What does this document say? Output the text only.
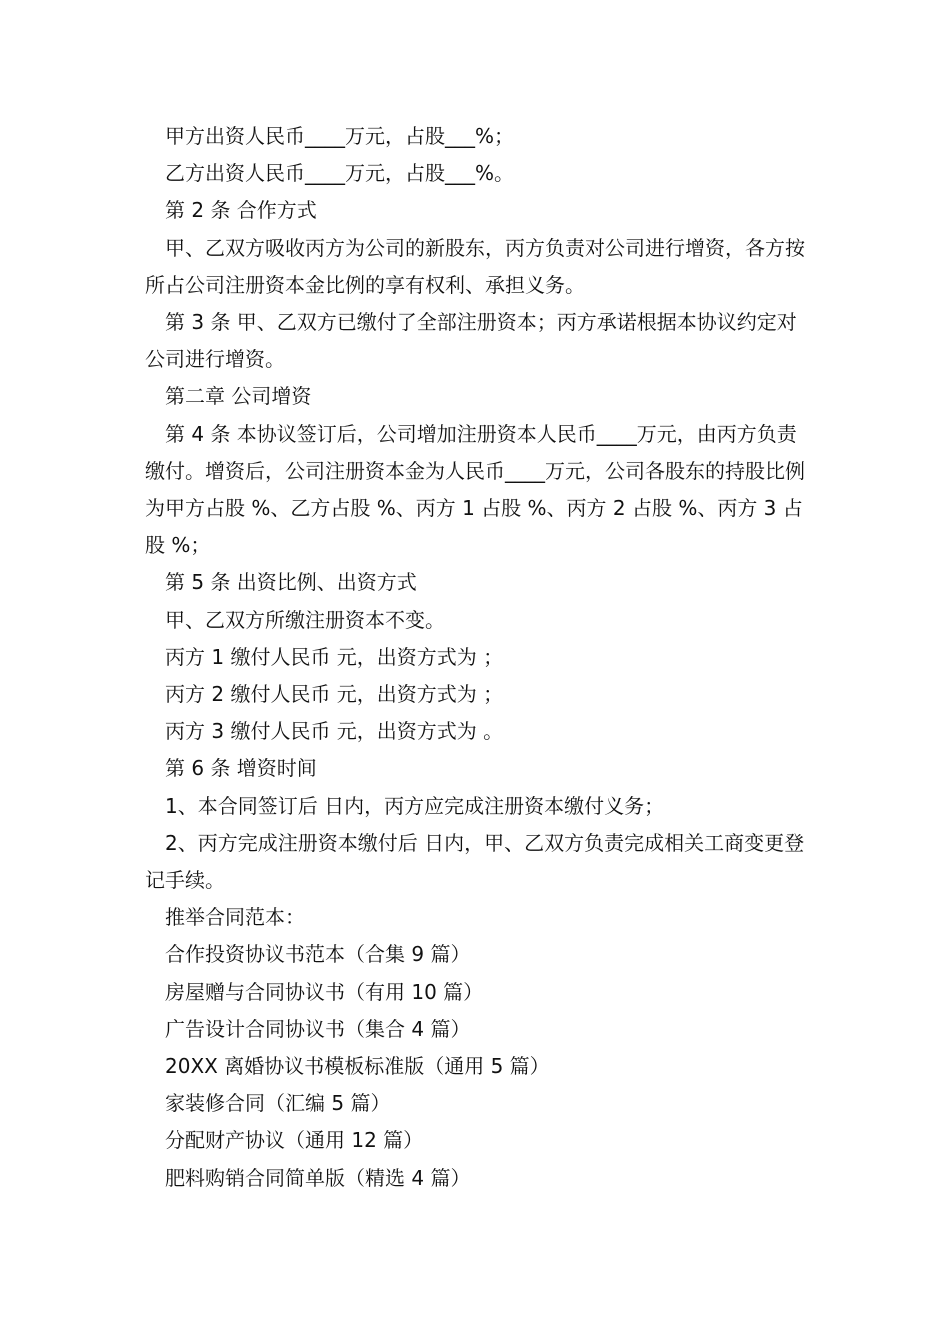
甲方出资人民币____万元，占股___%；

乙方出资人民币____万元，占股___%。

第 2 条 合作方式

甲、乙双方吸收丙方为公司的新股东，丙方负责对公司进行增资，各方按所占公司注册资本金比例的享有权利、承担义务。

第 3 条 甲、乙双方已缴付了全部注册资本；丙方承诺根据本协议约定对公司进行增资。

第二章 公司增资

第 4 条 本协议签订后，公司增加注册资本人民币____万元，由丙方负责缴付。增资后，公司注册资本金为人民币____万元，公司各股东的持股比例为甲方占股 %、乙方占股 %、丙方 1 占股 %、丙方 2 占股 %、丙方 3 占股 %；

第 5 条 出资比例、出资方式

甲、乙双方所缴注册资本不变。

丙方 1 缴付人民币 元，出资方式为 ；

丙方 2 缴付人民币 元，出资方式为 ；

丙方 3 缴付人民币 元，出资方式为 。

第 6 条 增资时间

1、本合同签订后 日内，丙方应完成注册资本缴付义务；

2、丙方完成注册资本缴付后 日内，甲、乙双方负责完成相关工商变更登记手续。

推举合同范本：

合作投资协议书范本（合集 9 篇）

房屋赠与合同协议书（有用 10 篇）

广告设计合同协议书（集合 4 篇）

20XX 离婚协议书模板标准版（通用 5 篇）

家装修合同（汇编 5 篇）

分配财产协议（通用 12 篇）

肥料购销合同简单版（精选 4 篇）
